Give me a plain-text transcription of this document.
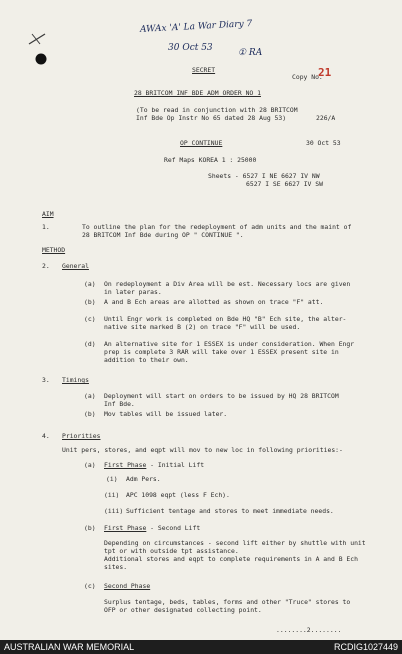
AWAx 'A' La War Diary 7
30 Oct 53	① RA
SECRET
Copy No.
21
28 BRITCOM INF BDE ADM ORDER NO 1
(To be read in conjunction with 28 BRITCOM
Inf Bde Op Instr No 65 dated 28 Aug 53)	226/A
OP CONTINUE	30 Oct 53
Ref Maps KOREA 1 : 25000
Sheets - 6527 I NE 6627 IV NW
6527 I SE 6627 IV SW
AIM
1.	To outline the plan for the redeployment of adm units and the maint of
28 BRITCOM Inf Bde during OP " CONTINUE ".
METHOD
2. General
(a) On redeployment a Div Area will be est. Necessary locs are given
in later paras.
(b) A and B Ech areas are allotted as shown on trace "F" att.
(c) Until Engr work is completed on Bde HQ "B" Ech site, the alter-
native site marked B (2) on trace "F" will be used.
(d) An alternative site for 1 ESSEX is under consideration. When Engr
prep is complete 3 RAR will take over 1 ESSEX present site in
addition to their own.
3. Timings
(a) Deployment will start on orders to be issued by HQ 28 BRITCOM
Inf Bde.
(b) Mov tables will be issued later.
4. Priorities
Unit pers, stores, and eqpt will mov to new loc in following priorities:-
(a) First Phase - Initial Lift
(i) Adm Pers.
(ii) APC 1098 eqpt (less F Ech).
(iii) Sufficient tentage and stores to meet immediate needs.
(b) First Phase - Second Lift
Depending on circumstances - second lift either by shuttle with unit
tpt or with outside tpt assistance.
Additional stores and eqpt to complete requirements in A and B Ech
sites.
(c) Second Phase
Surplus tentage, beds, tables, forms and other "Truce" stores to
OFP or other designated collecting point.
........2........
AUSTRALIAN WAR MEMORIAL	RCDIG1027449
